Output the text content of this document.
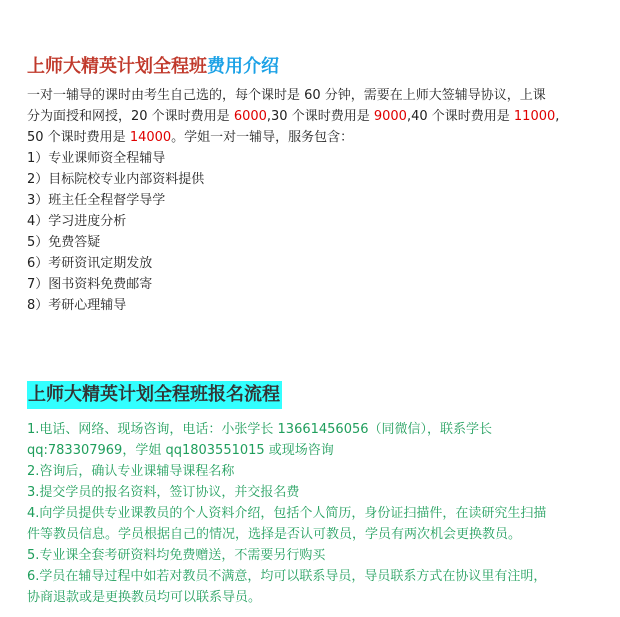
上师大精英计划全程班费用介绍

一对一辅导的课时由考生自己选的，每个课时是 60 分钟，需要在上师大签辅导协议，上课

分为面授和网授，20 个课时费用是 6000,30 个课时费用是 9000,40 个课时费用是 11000,

50 个课时费用是 14000。学姐一对一辅导，服务包含：

1）专业课师资全程辅导
2）目标院校专业内部资料提供
3）班主任全程督学导学
4）学习进度分析
5）免费答疑
6）考研资讯定期发放
7）图书资料免费邮寄
8）考研心理辅导
上师大精英计划全程班报名流程
1.电话、网络、现场咨询，电话：小张学长 13661456056（同微信），联系学长
qq:783307969，学姐 qq1803551015 或现场咨询
2.咨询后，确认专业课辅导课程名称
3.提交学员的报名资料，签订协议，并交报名费
4.向学员提供专业课教员的个人资料介绍，包括个人简历，身份证扫描件，在读研究生扫描
件等教员信息。学员根据自己的情况，选择是否认可教员，学员有两次机会更换教员。
5.专业课全套考研资料均免费赠送，不需要另行购买
6.学员在辅导过程中如若对教员不满意，均可以联系导员，导员联系方式在协议里有注明，
协商退款或是更换教员均可以联系导员。
